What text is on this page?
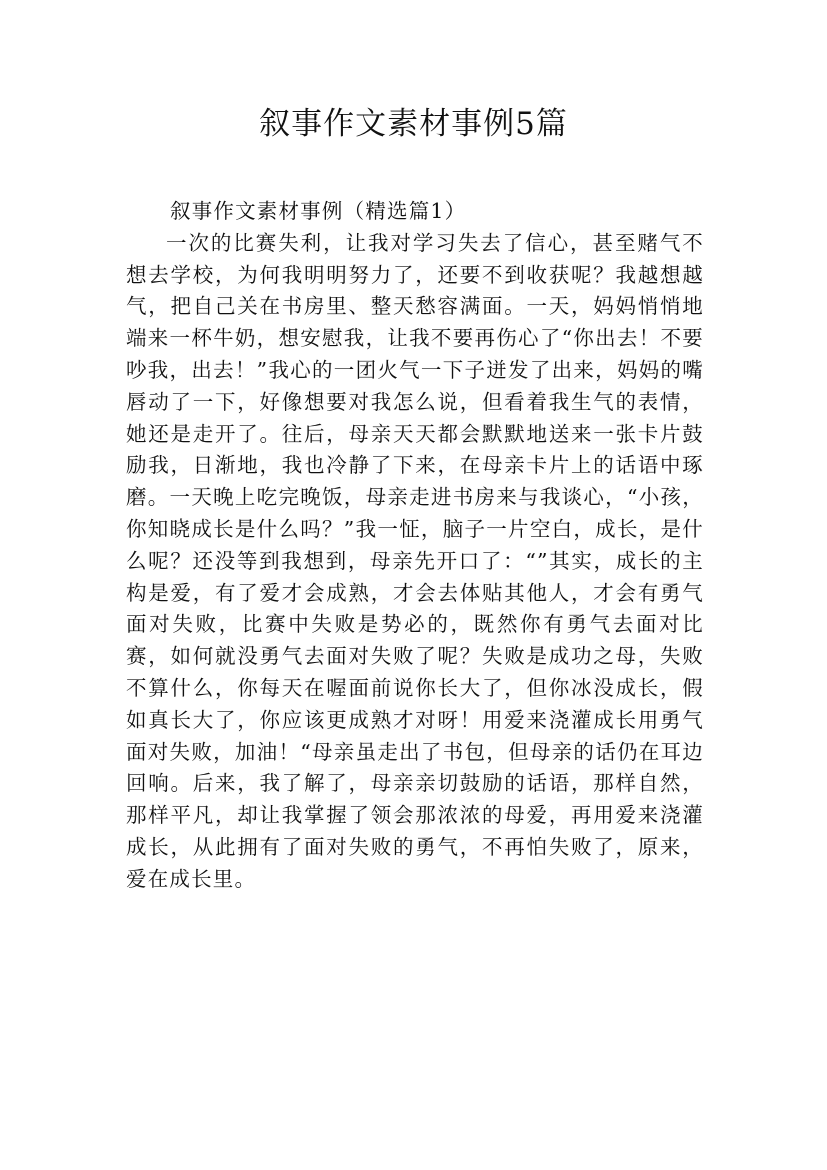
叙事作文素材事例5篇

叙事作文素材事例（精选篇1）

一次的比赛失利，让我对学习失去了信心，甚至赌气不想去学校，为何我明明努力了，还要不到收获呢？我越想越气，把自己关在书房里、整天愁容满面。一天，妈妈悄悄地端来一杯牛奶，想安慰我，让我不要再伤心了“你出去！不要吵我，出去！”我心的一团火气一下子迸发了出来，妈妈的嘴唇动了一下，好像想要对我怎么说，但看着我生气的表情，她还是走开了。往后，母亲天天都会默默地送来一张卡片鼓励我，日渐地，我也冷静了下来，在母亲卡片上的话语中琢磨。一天晚上吃完晚饭，母亲走进书房来与我谈心，“小孩，你知晓成长是什么吗？”我一怔，脑子一片空白，成长，是什么呢？还没等到我想到，母亲先开口了：“”其实，成长的主构是爱，有了爱才会成熟，才会去体贴其他人，才会有勇气面对失败，比赛中失败是势必的，既然你有勇气去面对比赛，如何就没勇气去面对失败了呢？失败是成功之母，失败不算什么，你每天在喔面前说你长大了，但你冰没成长，假如真长大了，你应该更成熟才对呀！用爱来浇灌成长用勇气面对失败，加油！“母亲虽走出了书包，但母亲的话仍在耳边回响。后来，我了解了，母亲亲切鼓励的话语，那样自然，那样平凡，却让我掌握了领会那浓浓的母爱，再用爱来浇灌成长，从此拥有了面对失败的勇气，不再怕失败了，原来，爱在成长里。
